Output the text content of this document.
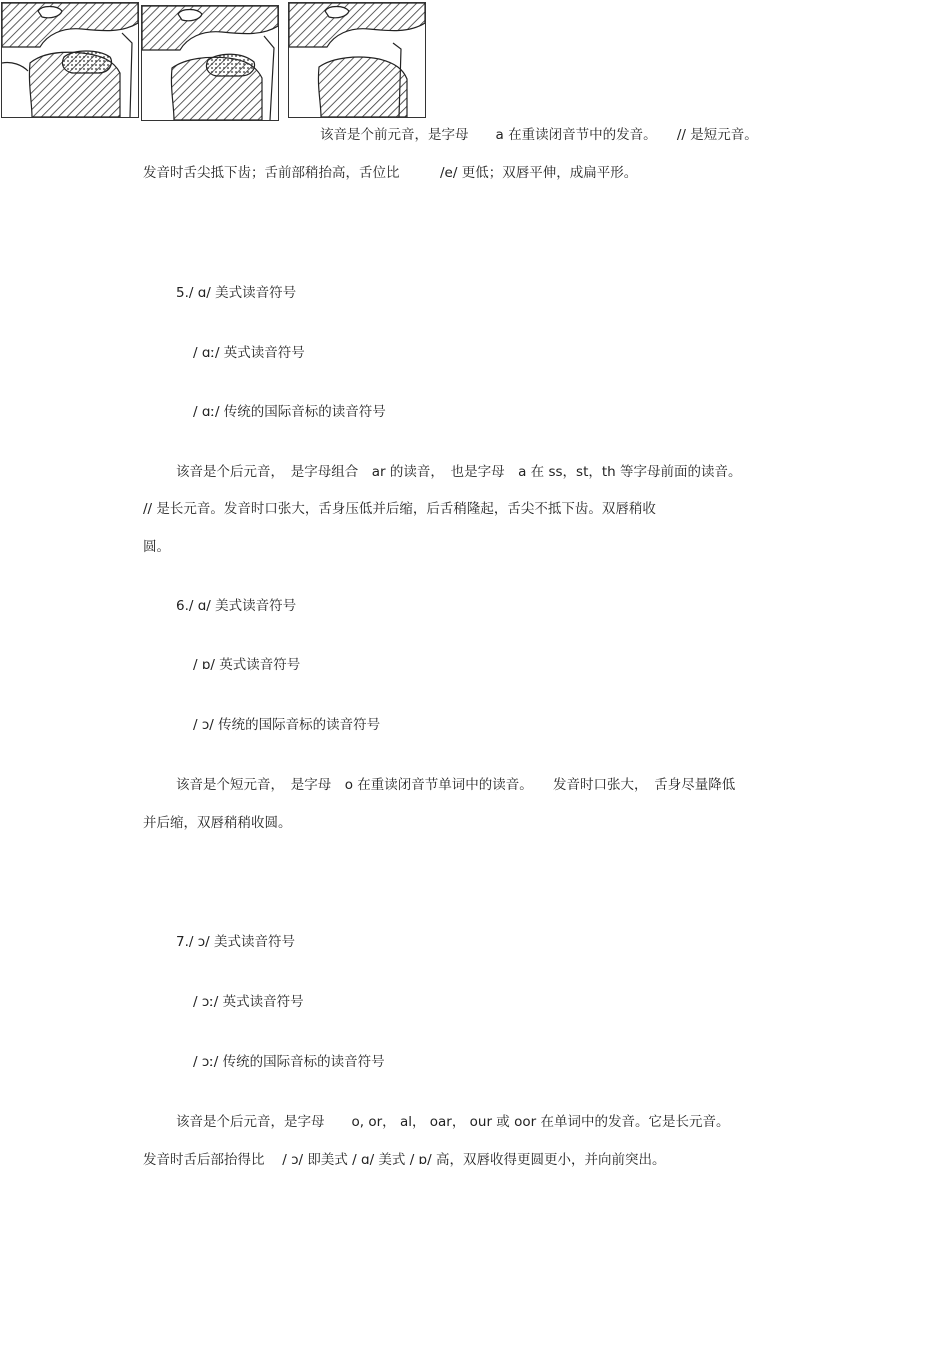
该音是个前元音，是字母　　a 在重读闭音节中的发音。　　// 是短元音。
发音时舌尖抵下齿；舌前部稍抬高，舌位比　　　/e/ 更低；双唇平伸，成扁平形。
5./ ɑ/ 美式读音符号
/ ɑː/ 英式读音符号
/ ɑː/ 传统的国际音标的读音符号
该音是个后元音，　是字母组合　ar 的读音，　也是字母　a 在 ss，st，th 等字母前面的读音。
// 是长元音。发音时口张大，舌身压低并后缩，后舌稍隆起，舌尖不抵下齿。双唇稍收
圆。
6./ ɑ/ 美式读音符号
/ ɒ/ 英式读音符号
/ ɔ/ 传统的国际音标的读音符号
该音是个短元音，　是字母　o 在重读闭音节单词中的读音。　　发音时口张大，　舌身尽量降低
并后缩，双唇稍稍收圆。
7./ ɔ/ 美式读音符号
/ ɔː/ 英式读音符号
/ ɔː/ 传统的国际音标的读音符号
该音是个后元音，是字母　　o, or， al， oar， our 或 oor 在单词中的发音。它是长元音。
发音时舌后部抬得比　 / ɔ/ 即美式 / ɑ/ 美式 / ɒ/ 高，双唇收得更圆更小，并向前突出。
